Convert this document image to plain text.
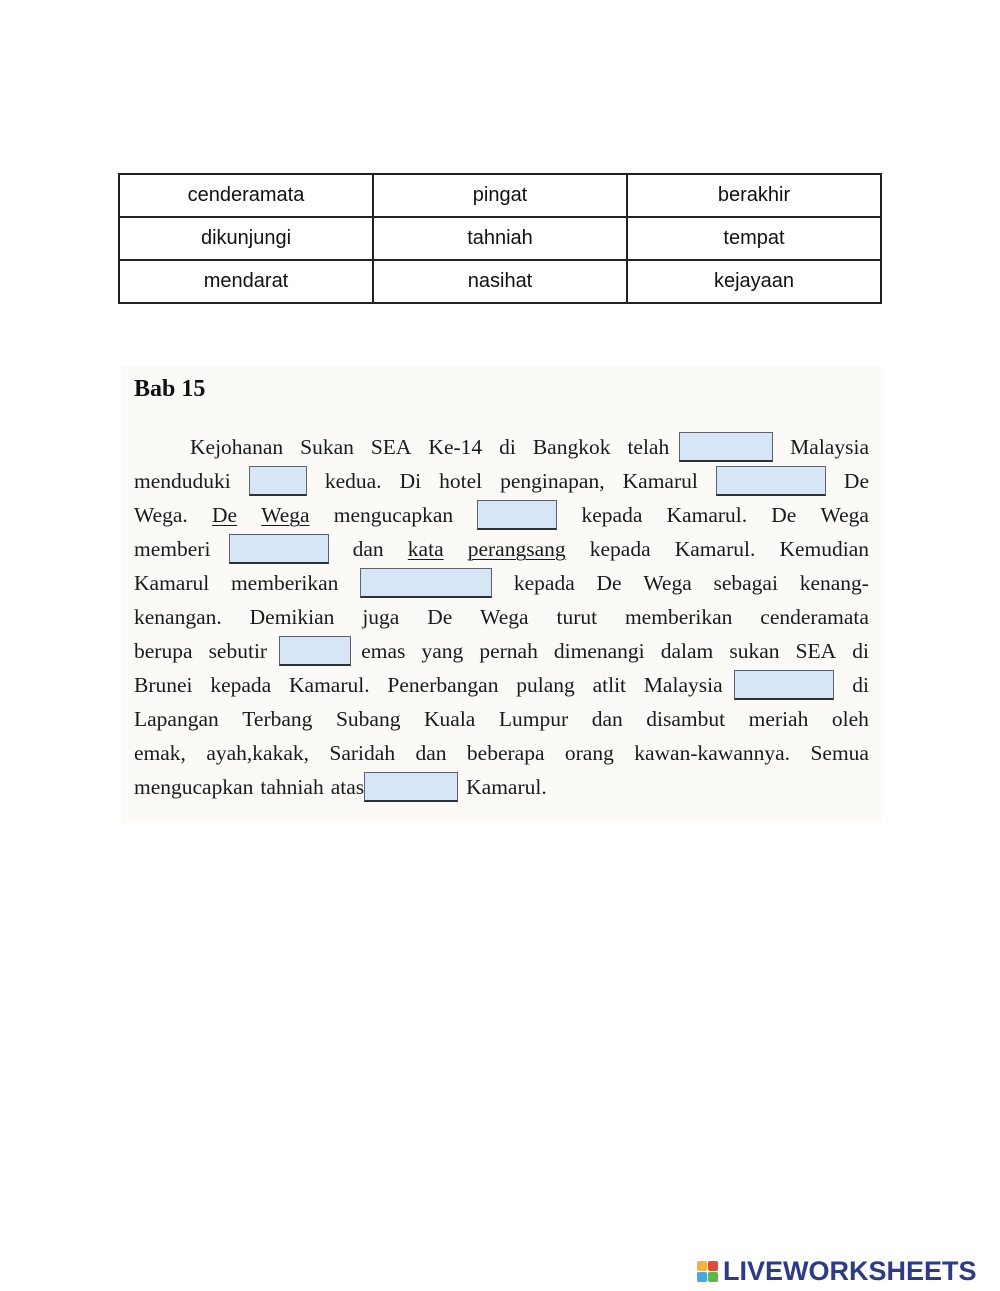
cenderamata	pingat	berakhir
dikunjungi	tahniah	tempat
mendarat	nasihat	kejayaan
Bab 15
Kejohanan Sukan SEA Ke-14 di Bangkok telah	Malaysia
menduduki	kedua. Di hotel penginapan, Kamarul	De
Wega. De Wega mengucapkan	kepada Kamarul. De Wega
memberi	dan kata perangsang kepada Kamarul. Kemudian
Kamarul memberikan	kepada De Wega sebagai kenang-
kenangan. Demikian juga De Wega turut memberikan cenderamata
berupa sebutir	emas yang pernah dimenangi dalam sukan SEA di
Brunei kepada Kamarul. Penerbangan pulang atlit Malaysia	di
Lapangan Terbang Subang Kuala Lumpur dan disambut meriah oleh
emak, ayah,kakak, Saridah dan beberapa orang kawan-kawannya. Semua
mengucapkan tahniah atas	Kamarul.
LIVEWORKSHEETS
